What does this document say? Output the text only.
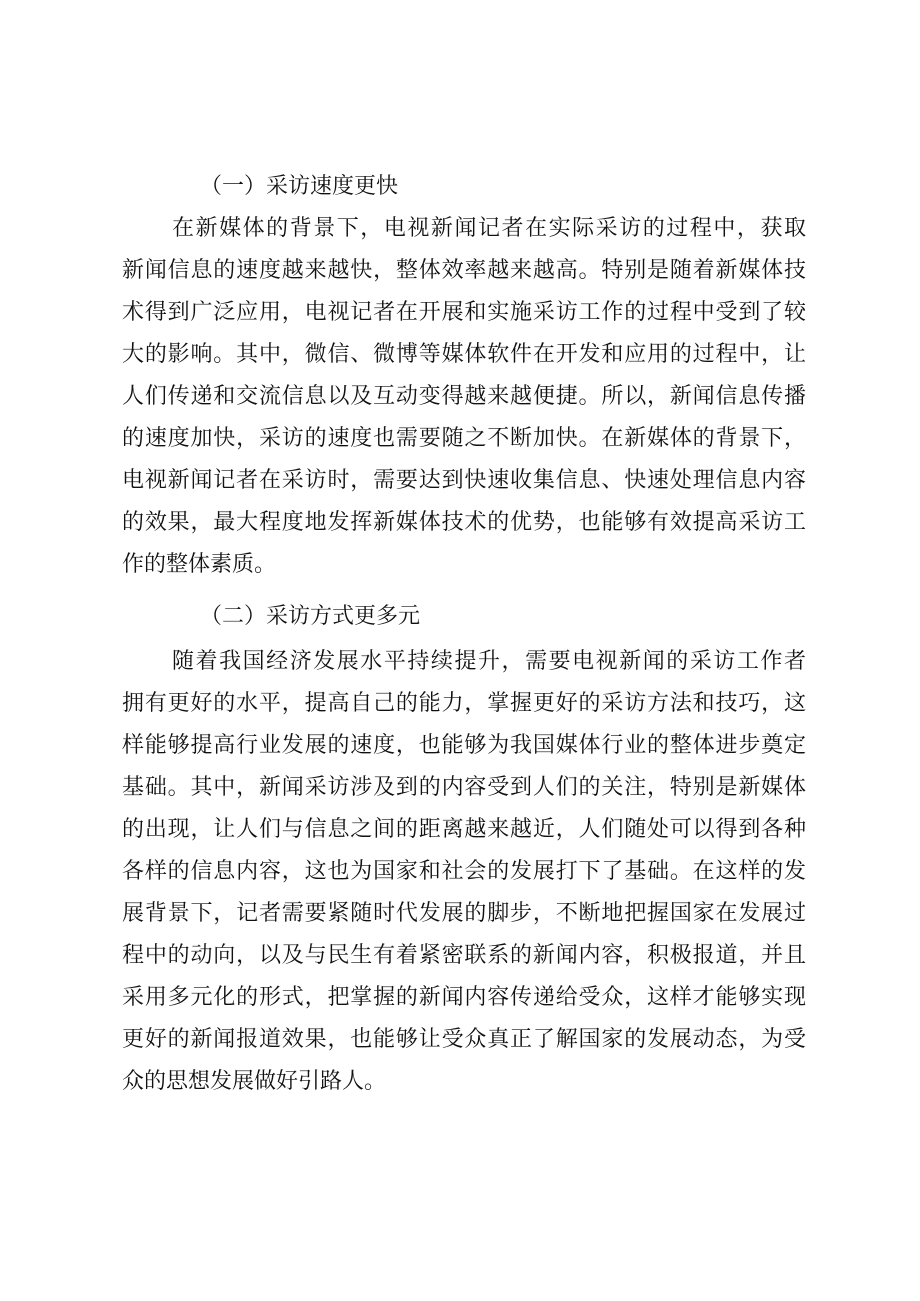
（一）采访速度更快
在新媒体的背景下，电视新闻记者在实际采访的过程中，获取
新闻信息的速度越来越快，整体效率越来越高。特别是随着新媒体技
术得到广泛应用，电视记者在开展和实施采访工作的过程中受到了较
大的影响。其中，微信、微博等媒体软件在开发和应用的过程中，让
人们传递和交流信息以及互动变得越来越便捷。所以，新闻信息传播
的速度加快，采访的速度也需要随之不断加快。在新媒体的背景下，
电视新闻记者在采访时，需要达到快速收集信息、快速处理信息内容
的效果，最大程度地发挥新媒体技术的优势，也能够有效提高采访工
作的整体素质。
（二）采访方式更多元
随着我国经济发展水平持续提升，需要电视新闻的采访工作者
拥有更好的水平，提高自己的能力，掌握更好的采访方法和技巧，这
样能够提高行业发展的速度，也能够为我国媒体行业的整体进步奠定
基础。其中，新闻采访涉及到的内容受到人们的关注，特别是新媒体
的出现，让人们与信息之间的距离越来越近，人们随处可以得到各种
各样的信息内容，这也为国家和社会的发展打下了基础。在这样的发
展背景下，记者需要紧随时代发展的脚步，不断地把握国家在发展过
程中的动向，以及与民生有着紧密联系的新闻内容，积极报道，并且
采用多元化的形式，把掌握的新闻内容传递给受众，这样才能够实现
更好的新闻报道效果，也能够让受众真正了解国家的发展动态，为受
众的思想发展做好引路人。
